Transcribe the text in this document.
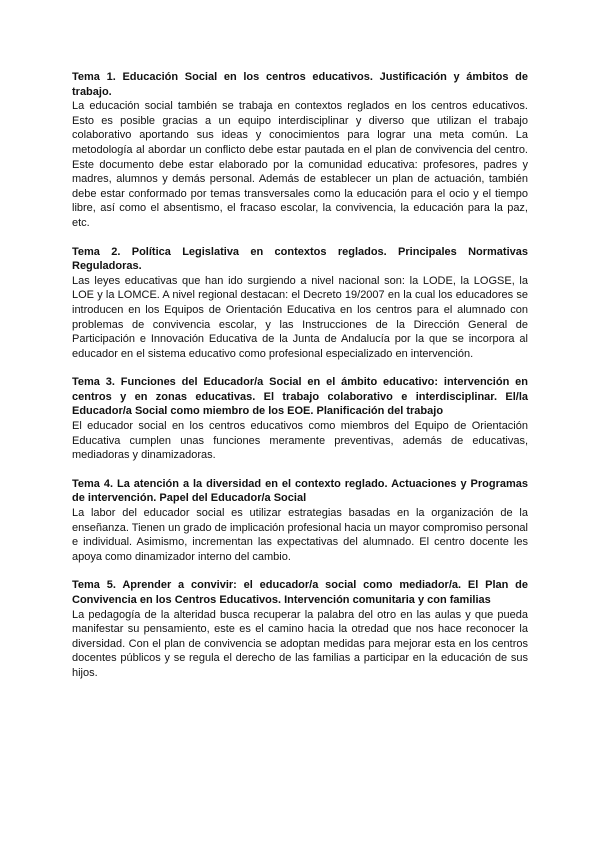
Tema 1. Educación Social en los centros educativos. Justificación y ámbitos de trabajo.

La educación social también se trabaja en contextos reglados en los centros educativos. Esto es posible gracias a un equipo interdisciplinar y diverso que utilizan el trabajo colaborativo aportando sus ideas y conocimientos para lograr una meta común. La metodología al abordar un conflicto debe estar pautada en el plan de convivencia del centro. Este documento debe estar elaborado por la comunidad educativa: profesores, padres y madres, alumnos y demás personal. Además de establecer un plan de actuación, también debe estar conformado por temas transversales como la educación para el ocio y el tiempo libre, así como el absentismo, el fracaso escolar, la convivencia, la educación para la paz, etc.

Tema 2. Política Legislativa en contextos reglados. Principales Normativas Reguladoras.

Las leyes educativas que han ido surgiendo a nivel nacional son: la LODE, la LOGSE, la LOE y la LOMCE. A nivel regional destacan: el Decreto 19/2007 en la cual los educadores se introducen en los Equipos de Orientación Educativa en los centros para el alumnado con problemas de convivencia escolar, y las Instrucciones de la Dirección General de Participación e Innovación Educativa de la Junta de Andalucía por la que se incorpora al educador en el sistema educativo como profesional especializado en intervención.

Tema 3. Funciones del Educador/a Social en el ámbito educativo: intervención en centros y en zonas educativas. El trabajo colaborativo e interdisciplinar. El/la Educador/a Social como miembro de los EOE. Planificación del trabajo

El educador social en los centros educativos como miembros del Equipo de Orientación Educativa cumplen unas funciones meramente preventivas, además de educativas, mediadoras y dinamizadoras.

Tema 4. La atención a la diversidad en el contexto reglado. Actuaciones y Programas de intervención. Papel del Educador/a Social

La labor del educador social es utilizar estrategias basadas en la organización de la enseñanza. Tienen un grado de implicación profesional hacia un mayor compromiso personal e individual. Asimismo, incrementan las expectativas del alumnado. El centro docente les apoya como dinamizador interno del cambio.

Tema 5. Aprender a convivir: el educador/a social como mediador/a. El Plan de Convivencia en los Centros Educativos. Intervención comunitaria y con familias

La pedagogía de la alteridad busca recuperar la palabra del otro en las aulas y que pueda manifestar su pensamiento, este es el camino hacia la otredad que nos hace reconocer la diversidad. Con el plan de convivencia se adoptan medidas para mejorar esta en los centros docentes públicos y se regula el derecho de las familias a participar en la educación de sus hijos.
